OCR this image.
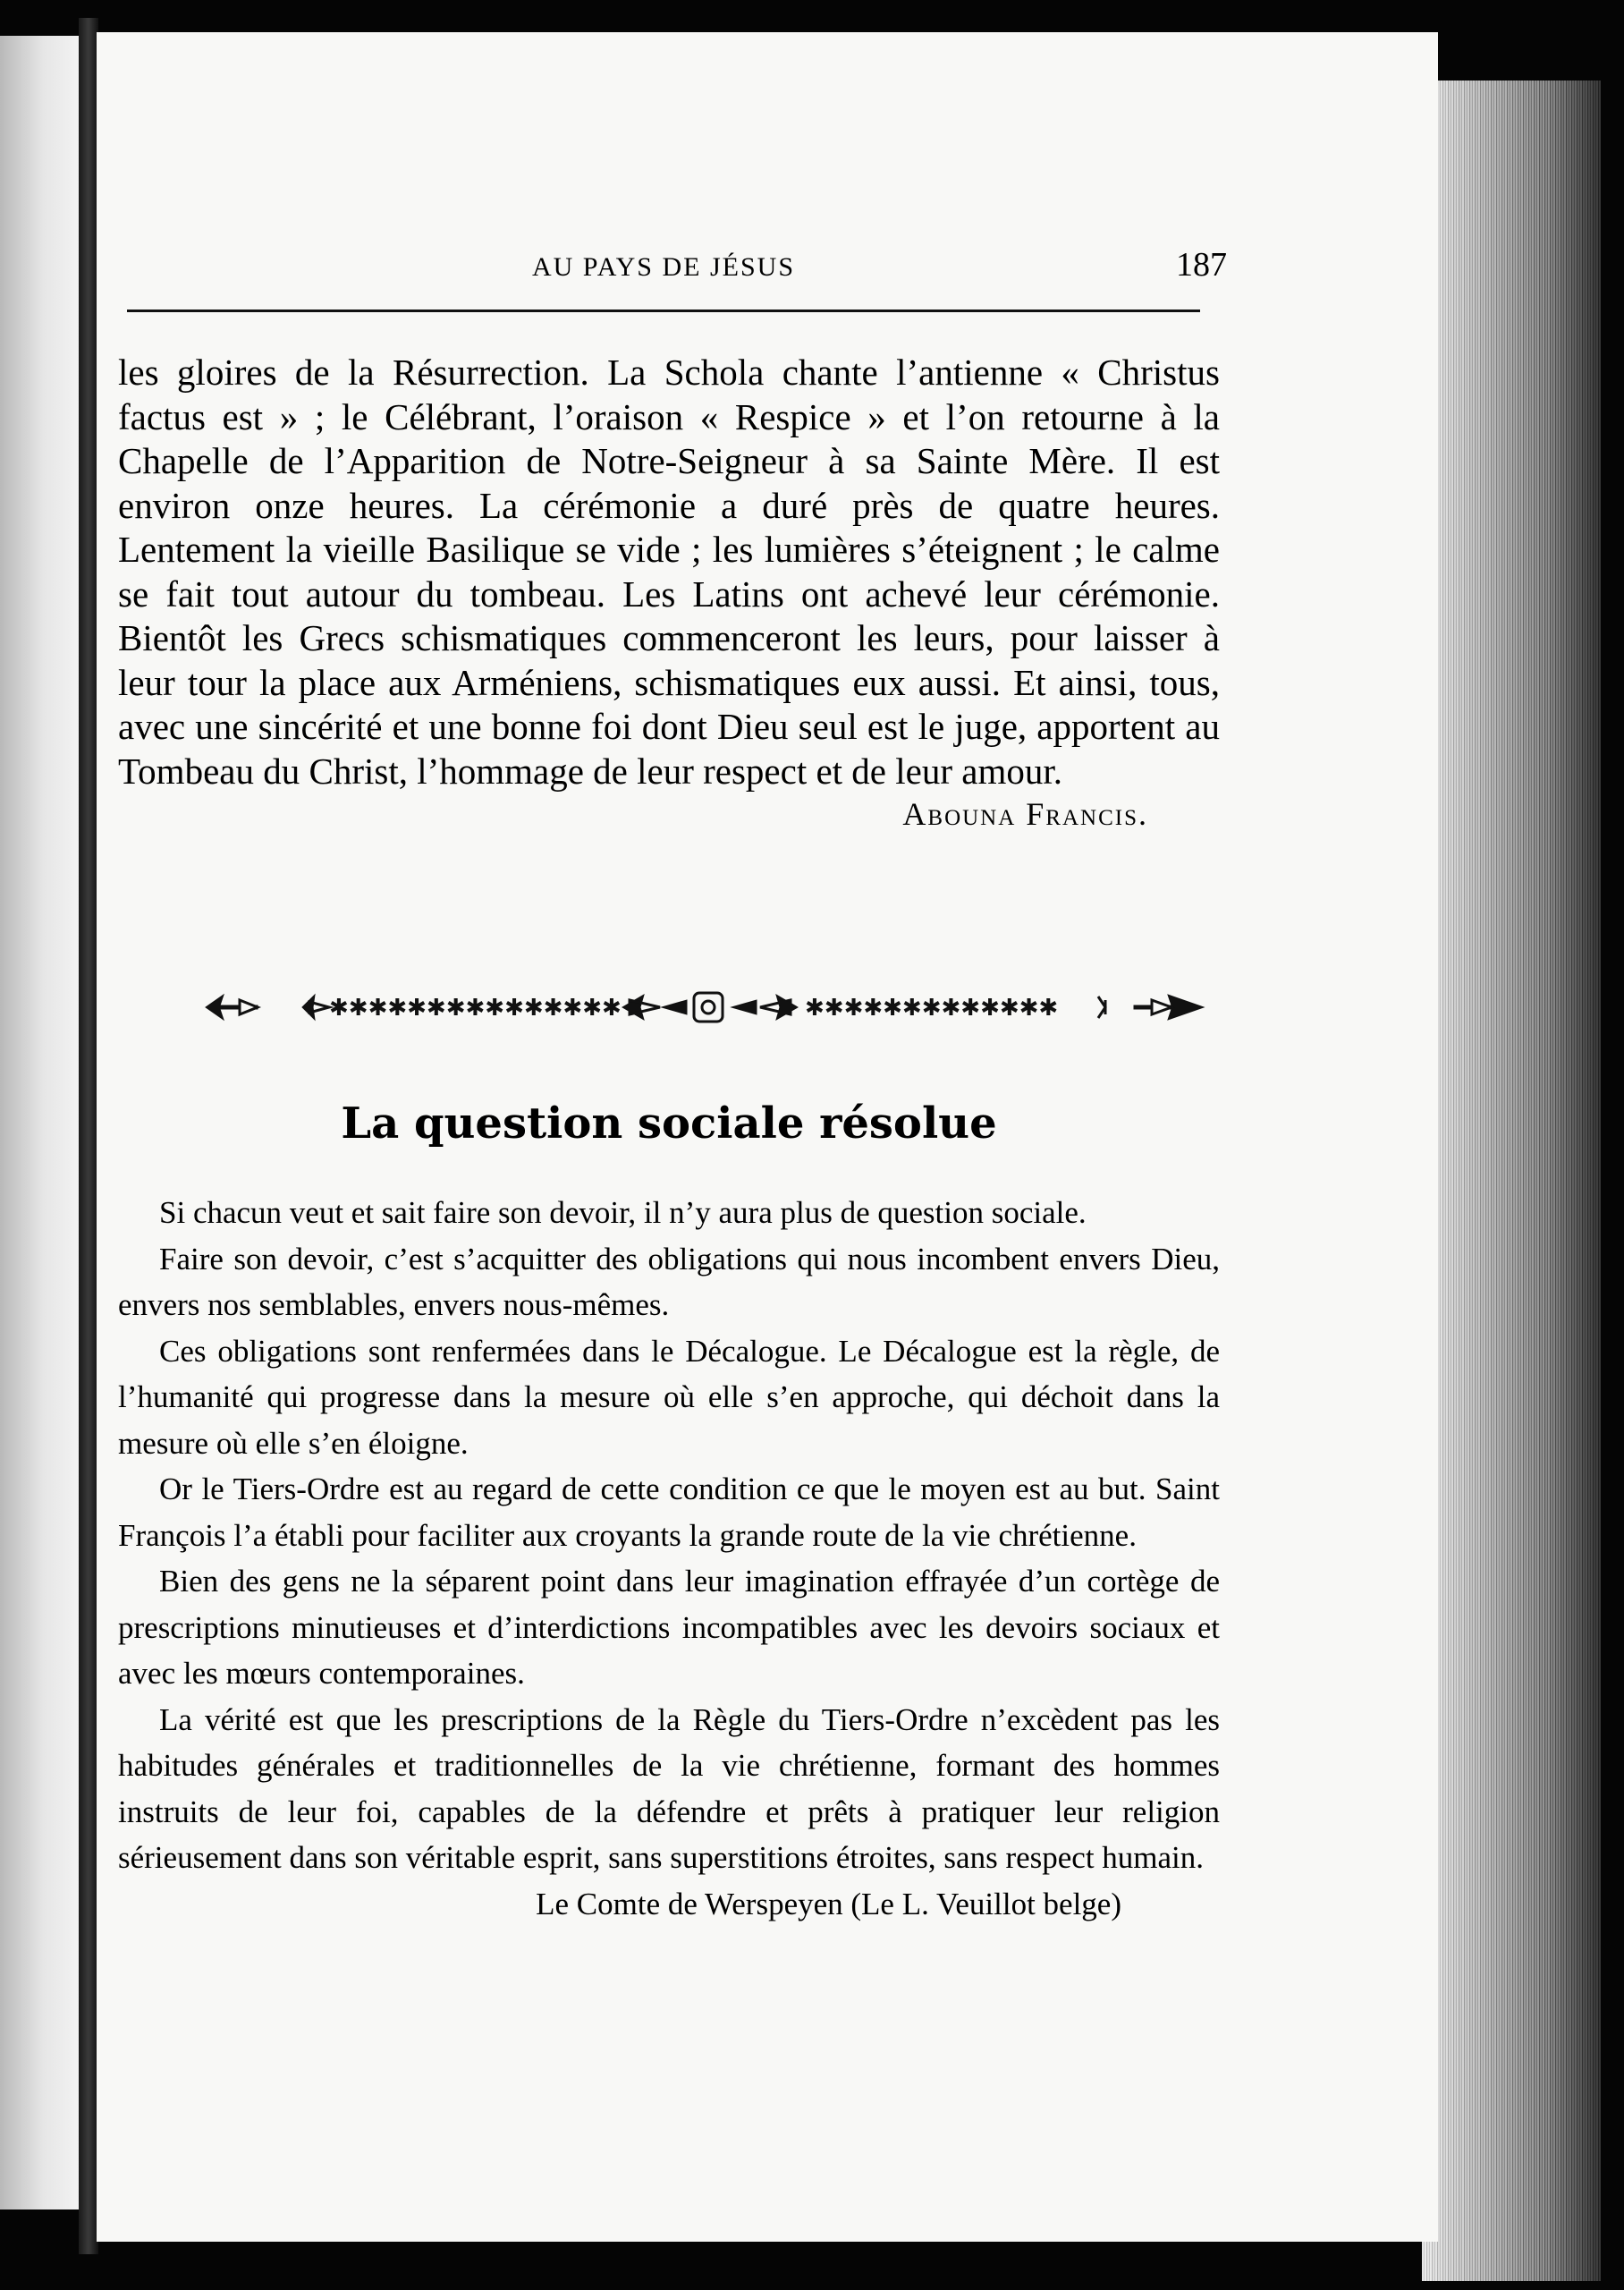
AU PAYS DE JÉSUS	187

les gloires de la Résurrection. La Schola chante l’antienne « Christus factus est » ; le Célébrant, l’oraison « Respice » et l’on retourne à la Chapelle de l’Apparition de Notre-Seigneur à sa Sainte Mère. Il est environ onze heures. La cérémonie a duré près de quatre heures. Lentement la vieille Basilique se vide ; les lumières s’éteignent ; le calme se fait tout autour du tombeau. Les Latins ont achevé leur cérémonie. Bientôt les Grecs schismatiques commenceront les leurs, pour laisser à leur tour la place aux Arméniens, schismatiques eux aussi. Et ainsi, tous, avec une sincérité et une bonne foi dont Dieu seul est le juge, apportent au Tombeau du Christ, l’hommage de leur respect et de leur amour.

Abouna Francis.
✱✱✱✱✱✱✱✱✱✱✱✱✱✱✱	✱✱✱✱✱✱✱✱✱✱✱✱✱
La question sociale résolue

Si chacun veut et sait faire son devoir, il n’y aura plus de question sociale.

Faire son devoir, c’est s’acquitter des obligations qui nous incombent envers Dieu, envers nos semblables, envers nous-mêmes.

Ces obligations sont renfermées dans le Décalogue. Le Décalogue est la règle, de l’humanité qui progresse dans la mesure où elle s’en approche, qui déchoit dans la mesure où elle s’en éloigne.

Or le Tiers-Ordre est au regard de cette condition ce que le moyen est au but. Saint François l’a établi pour faciliter aux croyants la grande route de la vie chrétienne.

Bien des gens ne la séparent point dans leur imagination effrayée d’un cortège de prescriptions minutieuses et d’interdictions incompatibles avec les devoirs sociaux et avec les mœurs contemporaines.

La vérité est que les prescriptions de la Règle du Tiers-Ordre n’excèdent pas les habitudes générales et traditionnelles de la vie chrétienne, formant des hommes instruits de leur foi, capables de la défendre et prêts à pratiquer leur religion sérieusement dans son véritable esprit, sans superstitions étroites, sans respect humain.

Le Comte de Werspeyen (Le L. Veuillot belge)
